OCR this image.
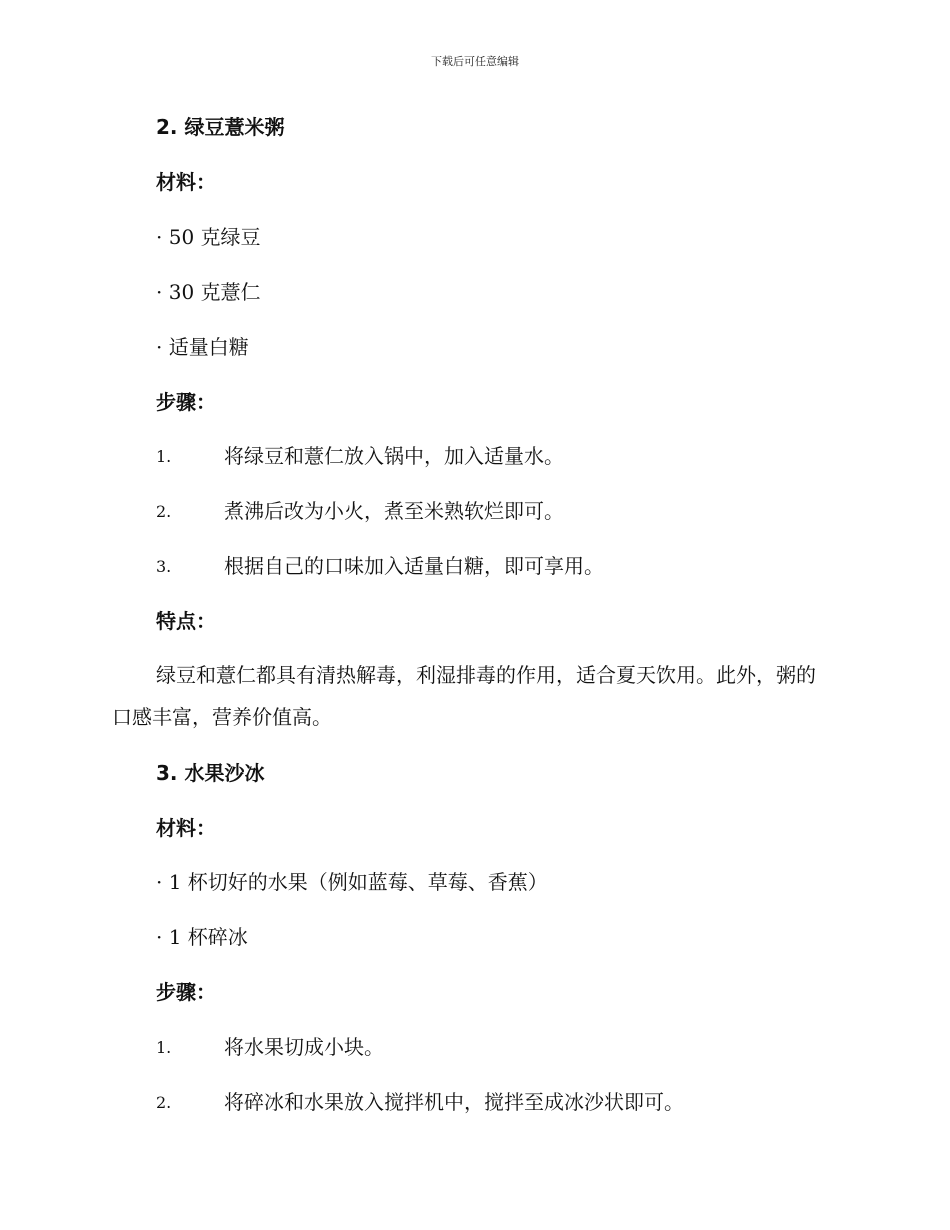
下载后可任意编辑
2. 绿豆薏米粥
材料：
· 50 克绿豆
· 30 克薏仁
· 适量白糖
步骤：
1.	将绿豆和薏仁放入锅中，加入适量水。
2.	煮沸后改为小火，煮至米熟软烂即可。
3.	根据自己的口味加入适量白糖，即可享用。
特点：
绿豆和薏仁都具有清热解毒，利湿排毒的作用，适合夏天饮用。此外，粥的口感丰富，营养价值高。
3. 水果沙冰
材料：
· 1 杯切好的水果（例如蓝莓、草莓、香蕉）
· 1 杯碎冰
步骤：
1.	将水果切成小块。
2.	将碎冰和水果放入搅拌机中，搅拌至成冰沙状即可。
